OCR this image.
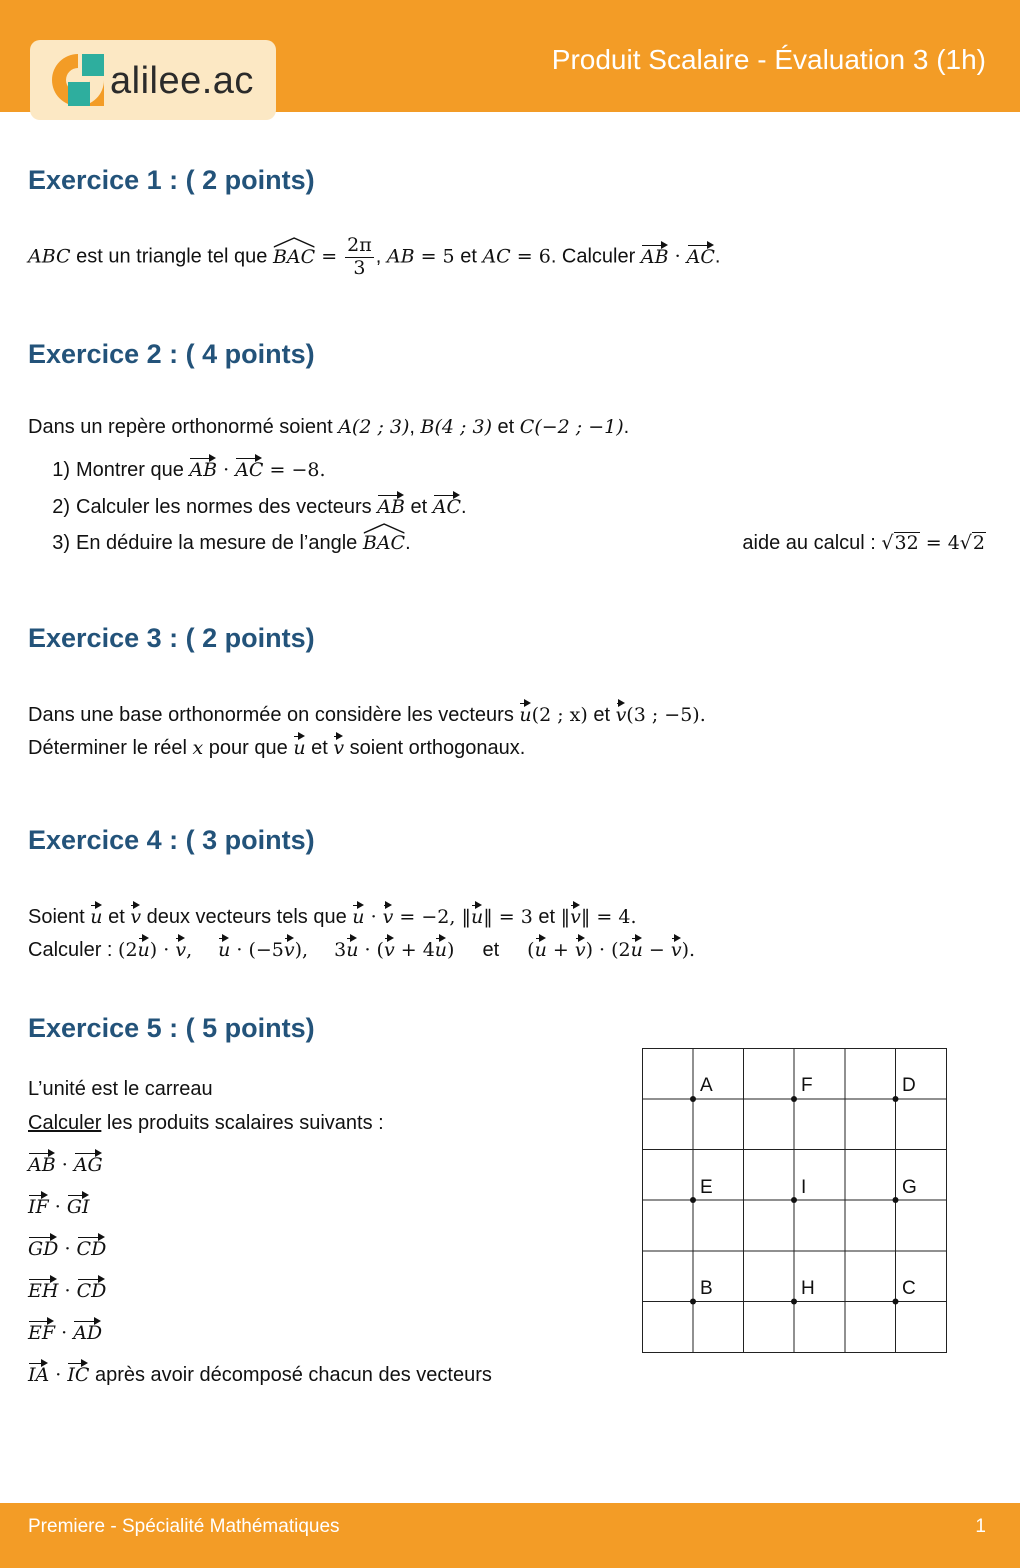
alilee.ac
Produit Scalaire - Évaluation 3 (1h)
Exercice 1 : ( 2 points)
ABC est un triangle tel que
BAC = $\frac{2\pi}{3}$ , AB = 5 et AC = 6. Calculer AB · AC.
Exercice 2 : ( 4 points)
Dans un repère orthonormé soient A(2 ; 3), B(4 ; 3) et C(−2 ; −1).
1) Montrer que AB · AC = −8.
2) Calculer les normes des vecteurs AB et AC.
3) En déduire la mesure de l’angle
BAC.	aide au calcul : √32 = 4√2
Exercice 3 : ( 2 points)
Dans une base orthonormée on considère les vecteurs u(2 ; x) et v(3 ; −5).
Déterminer le réel x pour que u et v soient orthogonaux.
Exercice 4 : ( 3 points)
Soient u et v deux vecteurs tels que u · v = −2, ‖u‖ = 3 et ‖v‖ = 4.
Calculer : (2u) · v, u · (−5v), 3u · (v + 4u) et (u + v) · (2u − v).
Exercice 5 : ( 5 points)
L’unité est le carreau
Calculer les produits scalaires suivants :
AB · AG
IF · GI
GD · CD
EH · CD
EF · AD
IA · IC après avoir décomposé chacun des vecteurs
A	F	D
E	I	G
B	H	C
Premiere - Spécialité Mathématiques	1
